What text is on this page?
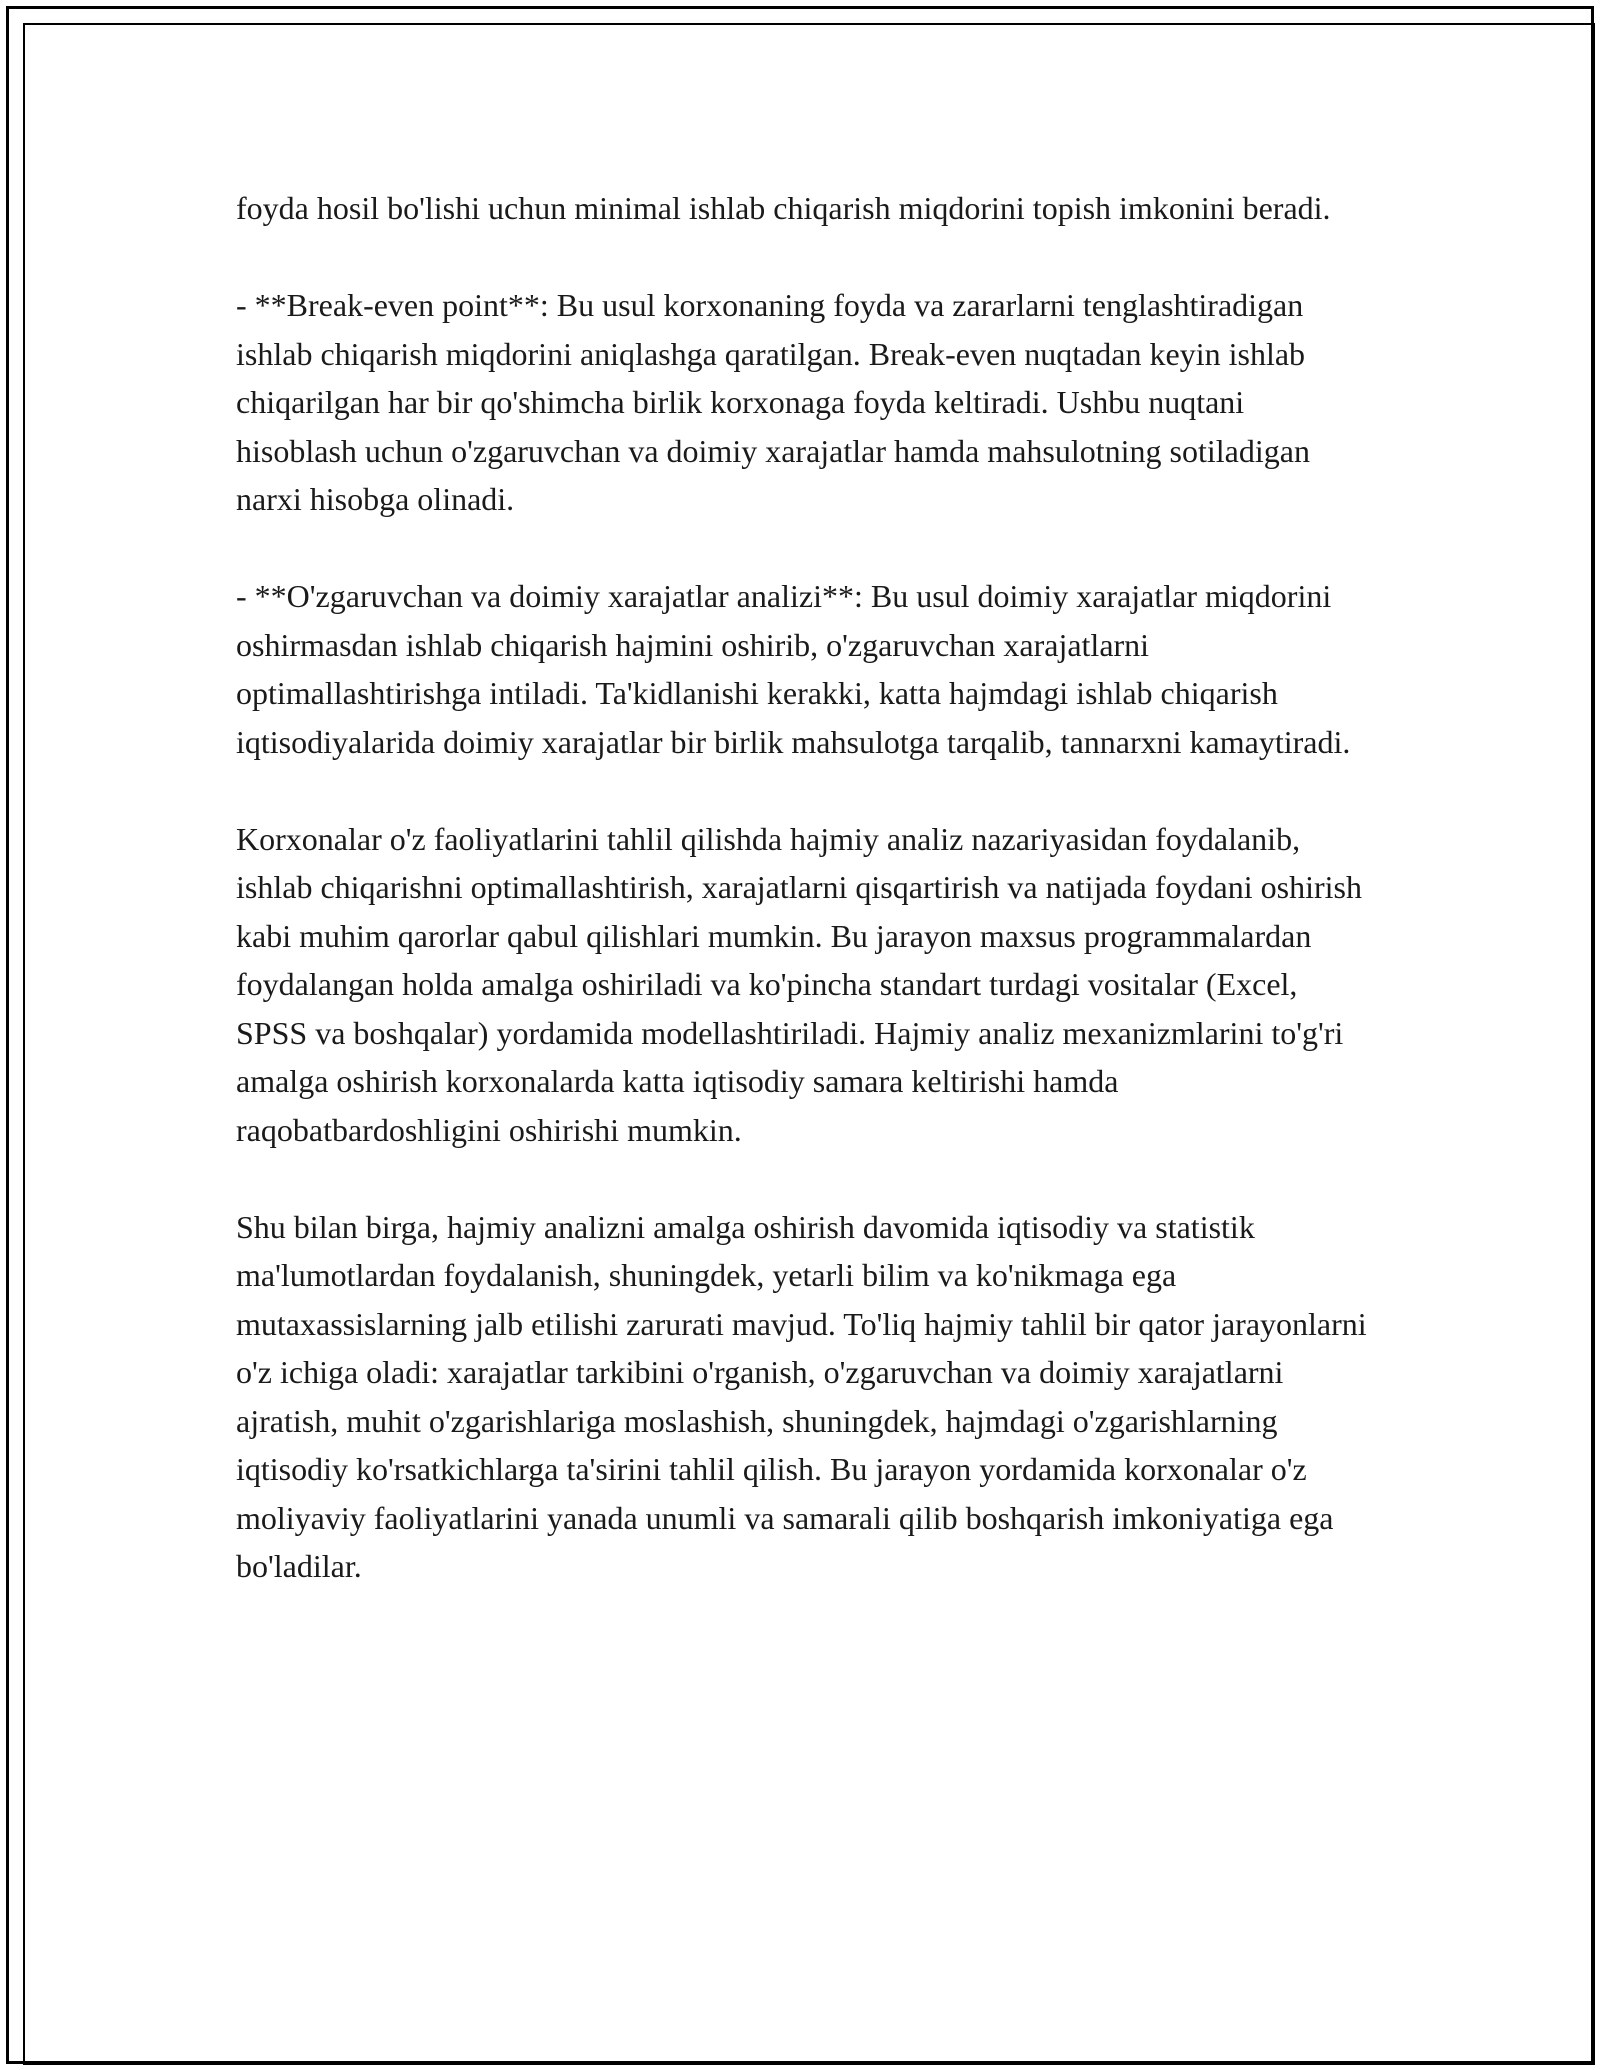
foyda hosil bo'lishi uchun minimal ishlab chiqarish miqdorini topish imkonini beradi.

- **Break-even point**: Bu usul korxonaning foyda va zararlarni tenglashtiradigan ishlab chiqarish miqdorini aniqlashga qaratilgan. Break-even nuqtadan keyin ishlab chiqarilgan har bir qo'shimcha birlik korxonaga foyda keltiradi. Ushbu nuqtani hisoblash uchun o'zgaruvchan va doimiy xarajatlar hamda mahsulotning sotiladigan narxi hisobga olinadi.

- **O'zgaruvchan va doimiy xarajatlar analizi**: Bu usul doimiy xarajatlar miqdorini oshirmasdan ishlab chiqarish hajmini oshirib, o'zgaruvchan xarajatlarni optimallashtirishga intiladi. Ta'kidlanishi kerakki, katta hajmdagi ishlab chiqarish iqtisodiyalarida doimiy xarajatlar bir birlik mahsulotga tarqalib, tannarxni kamaytiradi.

Korxonalar o'z faoliyatlarini tahlil qilishda hajmiy analiz nazariyasidan foydalanib, ishlab chiqarishni optimallashtirish, xarajatlarni qisqartirish va natijada foydani oshirish kabi muhim qarorlar qabul qilishlari mumkin. Bu jarayon maxsus programmalardan foydalangan holda amalga oshiriladi va ko'pincha standart turdagi vositalar (Excel, SPSS va boshqalar) yordamida modellashtiriladi. Hajmiy analiz mexanizmlarini to'g'ri amalga oshirish korxonalarda katta iqtisodiy samara keltirishi hamda raqobatbardoshligini oshirishi mumkin.

Shu bilan birga, hajmiy analizni amalga oshirish davomida iqtisodiy va statistik ma'lumotlardan foydalanish, shuningdek, yetarli bilim va ko'nikmaga ega mutaxassislarning jalb etilishi zarurati mavjud. To'liq hajmiy tahlil bir qator jarayonlarni o'z ichiga oladi: xarajatlar tarkibini o'rganish, o'zgaruvchan va doimiy xarajatlarni ajratish, muhit o'zgarishlariga moslashish, shuningdek, hajmdagi o'zgarishlarning iqtisodiy ko'rsatkichlarga ta'sirini tahlil qilish. Bu jarayon yordamida korxonalar o'z moliyaviy faoliyatlarini yanada unumli va samarali qilib boshqarish imkoniyatiga ega bo'ladilar.
